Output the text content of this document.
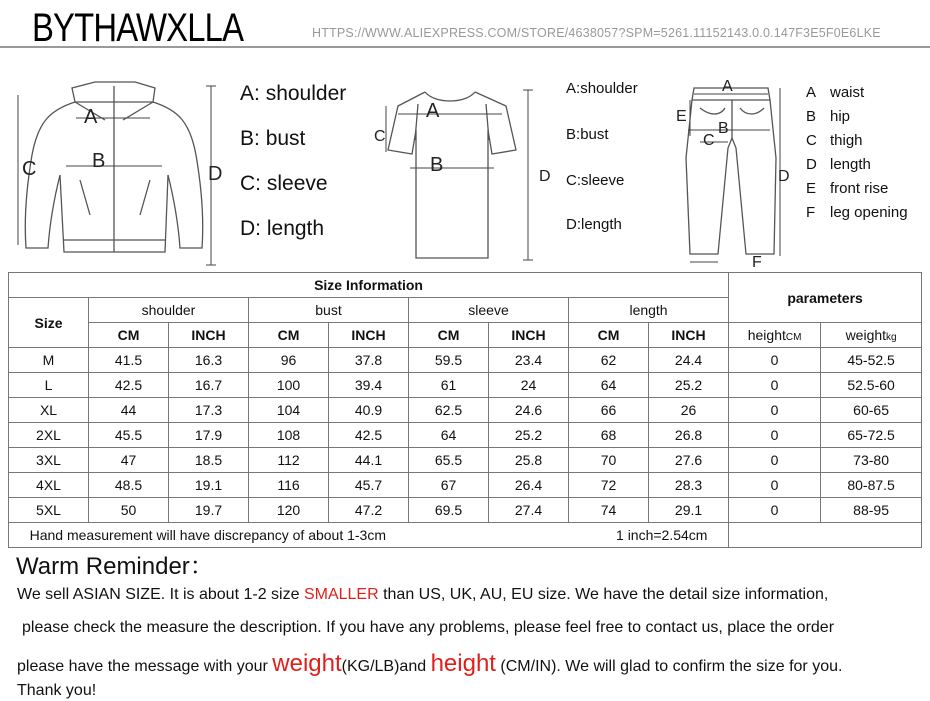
BYTHAWXLLA	HTTPS://WWW.ALIEXPRESS.COM/STORE/4638057?SPM=5261.11152143.0.0.147F3E5F0E6LKE
A
B
C	D
A: shoulder
B: bust
C: sleeve
D: length
A
B
C
D
A:shoulder
B:bust
C:sleeve
D:length
A
B
C
D
E
F
A waist
B hip
C thigh
D length
E front rise
F leg opening
Size Information									parameters	
Size	shoulder		bust		sleeve		length			
	CM	INCH	CM	INCH	CM	INCH	CM	INCH	heightCM	weightkg
M	41.5	16.3	96	37.8	59.5	23.4	62	24.4	0	45-52.5
L	42.5	16.7	100	39.4	61	24	64	25.2	0	52.5-60
XL	44	17.3	104	40.9	62.5	24.6	66	26	0	60-65
2XL	45.5	17.9	108	42.5	64	25.2	68	26.8	0	65-72.5
3XL	47	18.5	112	44.1	65.5	25.8	70	27.6	0	73-80
4XL	48.5	19.1	116	45.7	67	26.4	72	28.3	0	80-87.5
5XL	50	19.7	120	47.2	69.5	27.4	74	29.1	0	88-95
Hand measurement will have discrepancy of about 1-3cm 1 inch=2.54cm										
Warm Reminder：
We sell ASIAN SIZE. It is about 1-2 size SMALLER than US, UK, AU, EU size. We have the detail size information,
please check the measure the description. If you have any problems, please feel free to contact us, place the order
please have the message with your weight(KG/LB)and height (CM/IN). We will glad to confirm the size for you.
Thank you!
